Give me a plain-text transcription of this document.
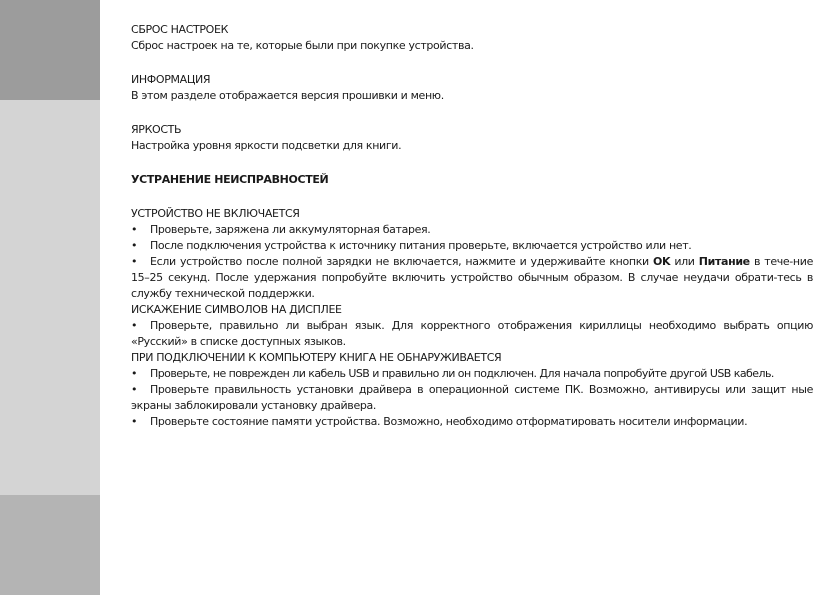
СБРОС НАСТРОЕК

Сброс настроек на те, которые были при покупке устройства.

ИНФОРМАЦИЯ

В этом разделе отображается версия прошивки и меню.

ЯРКОСТЬ

Настройка уровня яркости подсветки для книги.

УСТРАНЕНИЕ НЕИСПРАВНОСТЕЙ

УСТРОЙСТВО НЕ ВКЛЮЧАЕТСЯ

• Проверьте, заряжена ли аккумуляторная батарея.

• После подключения устройства к источнику питания проверьте, включается устройство или нет.

• Если устройство после полной зарядки не включается, нажмите и удерживайте кнопки OK или Питание в тече-ние 15–25 секунд. После удержания попробуйте включить устройство обычным образом. В случае неудачи обрати-тесь в службу технической поддержки.

ИСКАЖЕНИЕ СИМВОЛОВ НА ДИСПЛЕЕ

• Проверьте, правильно ли выбран язык. Для корректного отображения кириллицы необходимо выбрать опцию «Русский» в списке доступных языков.

ПРИ ПОДКЛЮЧЕНИИ К КОМПЬЮТЕРУ КНИГА НЕ ОБНАРУЖИВАЕТСЯ

• Проверьте, не поврежден ли кабель USB и правильно ли он подключен. Для начала попробуйте другой USB кабель.

• Проверьте правильность установки драйвера в операционной системе ПК. Возможно, антивирусы или защит ные экраны заблокировали установку драйвера.

• Проверьте состояние памяти устройства. Возможно, необходимо отформатировать носители информации.
